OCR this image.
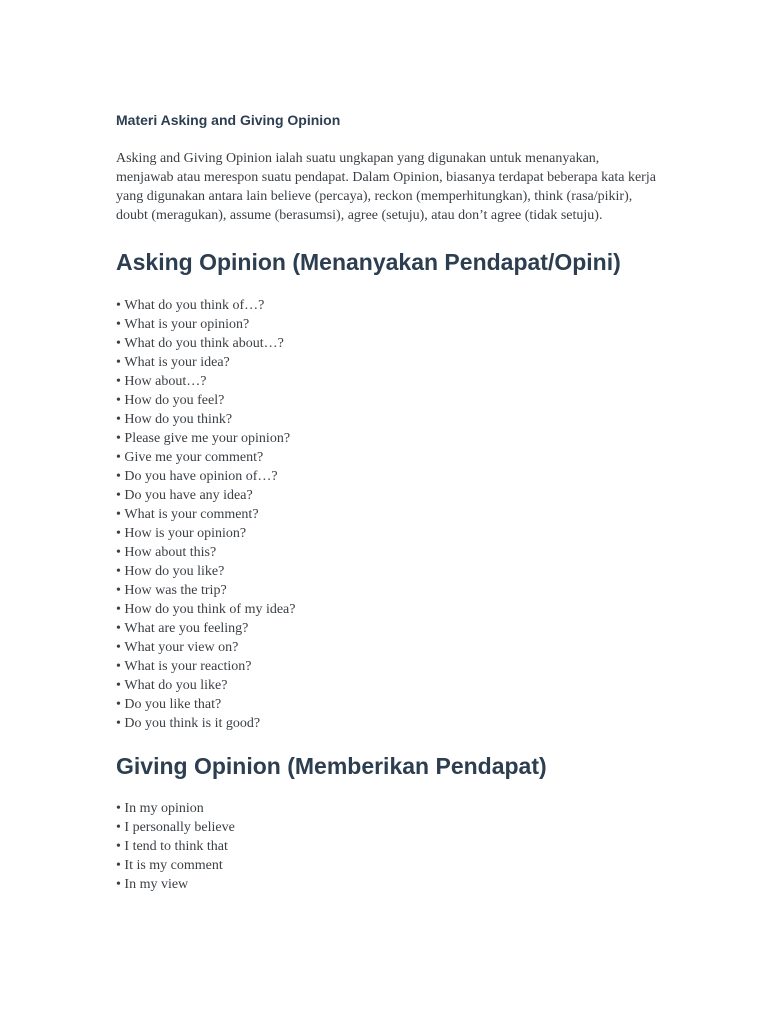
Materi Asking and Giving Opinion

Asking and Giving Opinion ialah suatu ungkapan yang digunakan untuk menanyakan, menjawab atau merespon suatu pendapat. Dalam Opinion, biasanya terdapat beberapa kata kerja yang digunakan antara lain believe (percaya), reckon (memperhitungkan), think (rasa/pikir), doubt (meragukan), assume (berasumsi), agree (setuju), atau don’t agree (tidak setuju).

Asking Opinion (Menanyakan Pendapat/Opini)
• What do you think of…?
• What is your opinion?
• What do you think about…?
• What is your idea?
• How about…?
• How do you feel?
• How do you think?
• Please give me your opinion?
• Give me your comment?
• Do you have opinion of…?
• Do you have any idea?
• What is your comment?
• How is your opinion?
• How about this?
• How do you like?
• How was the trip?
• How do you think of my idea?
• What are you feeling?
• What your view on?
• What is your reaction?
• What do you like?
• Do you like that?
• Do you think is it good?
Giving Opinion (Memberikan Pendapat)
• In my opinion
• I personally believe
• I tend to think that
• It is my comment
• In my view
